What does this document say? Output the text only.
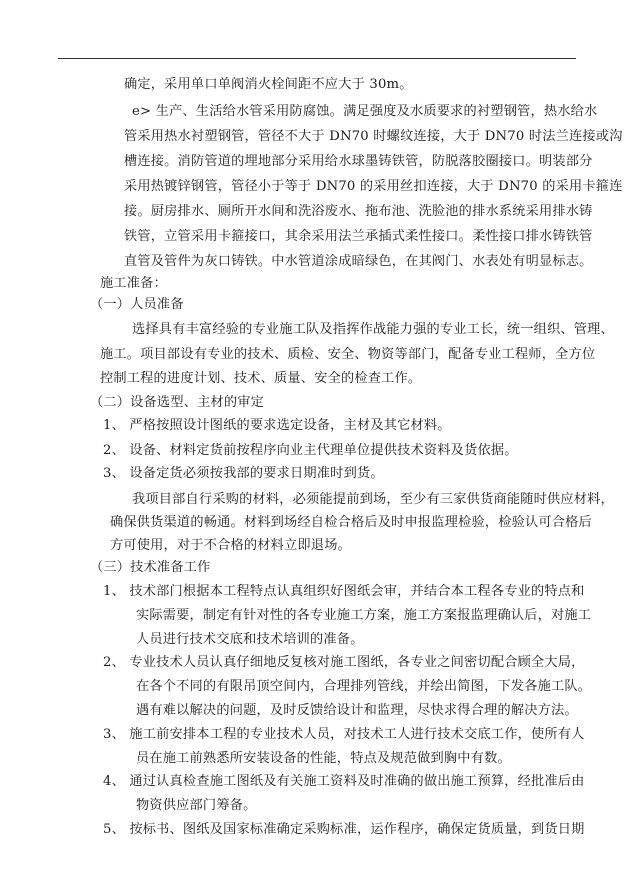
确定，采用单口单阀消火栓间距不应大于 30m。
e> 生产、生活给水管采用防腐蚀。满足强度及水质要求的衬塑钢管，热水给水
管采用热水衬塑钢管，管径不大于 DN70 时螺纹连接，大于 DN70 时法兰连接或沟
槽连接。消防管道的埋地部分采用给水球墨铸铁管，防脱落胶圈接口。明装部分
采用热镀锌钢管，管径小于等于 DN70 的采用丝扣连接，大于 DN70 的采用卡箍连
接。厨房排水、厕所开水间和洗浴废水、拖布池、洗脸池的排水系统采用排水铸
铁管，立管采用卡箍接口，其余采用法兰承插式柔性接口。柔性接口排水铸铁管
直管及管件为灰口铸铁。中水管道涂成暗绿色，在其阀门、水表处有明显标志。
施工准备：
（一）人员准备
选择具有丰富经验的专业施工队及指挥作战能力强的专业工长，统一组织、管理、
施工。项目部设有专业的技术、质检、安全、物资等部门，配备专业工程师，全方位
控制工程的进度计划、技术、质量、安全的检查工作。
（二）设备选型、主材的审定
1、 严格按照设计图纸的要求选定设备，主材及其它材料。
2、 设备、材料定货前按程序向业主代理单位提供技术资料及货依据。
3、 设备定货必须按我部的要求日期准时到货。
我项目部自行采购的材料，必须能提前到场，至少有三家供货商能随时供应材料，
确保供货渠道的畅通。材料到场经自检合格后及时申报监理检验，检验认可合格后
方可使用，对于不合格的材料立即退场。
（三）技术准备工作
1、 技术部门根据本工程特点认真组织好图纸会审，并结合本工程各专业的特点和
实际需要，制定有针对性的各专业施工方案，施工方案报监理确认后，对施工
人员进行技术交底和技术培训的准备。
2、 专业技术人员认真仔细地反复核对施工图纸，各专业之间密切配合顾全大局，
在各个不同的有限吊顶空间内，合理排列管线，并绘出简图，下发各施工队。
遇有难以解决的问题，及时反馈给设计和监理，尽快求得合理的解决方法。
3、 施工前安排本工程的专业技术人员，对技术工人进行技术交底工作，使所有人
员在施工前熟悉所安装设备的性能，特点及规范做到胸中有数。
4、 通过认真检查施工图纸及有关施工资料及时准确的做出施工预算，经批准后由
物资供应部门筹备。
5、 按标书、图纸及国家标准确定采购标准，运作程序，确保定货质量，到货日期
